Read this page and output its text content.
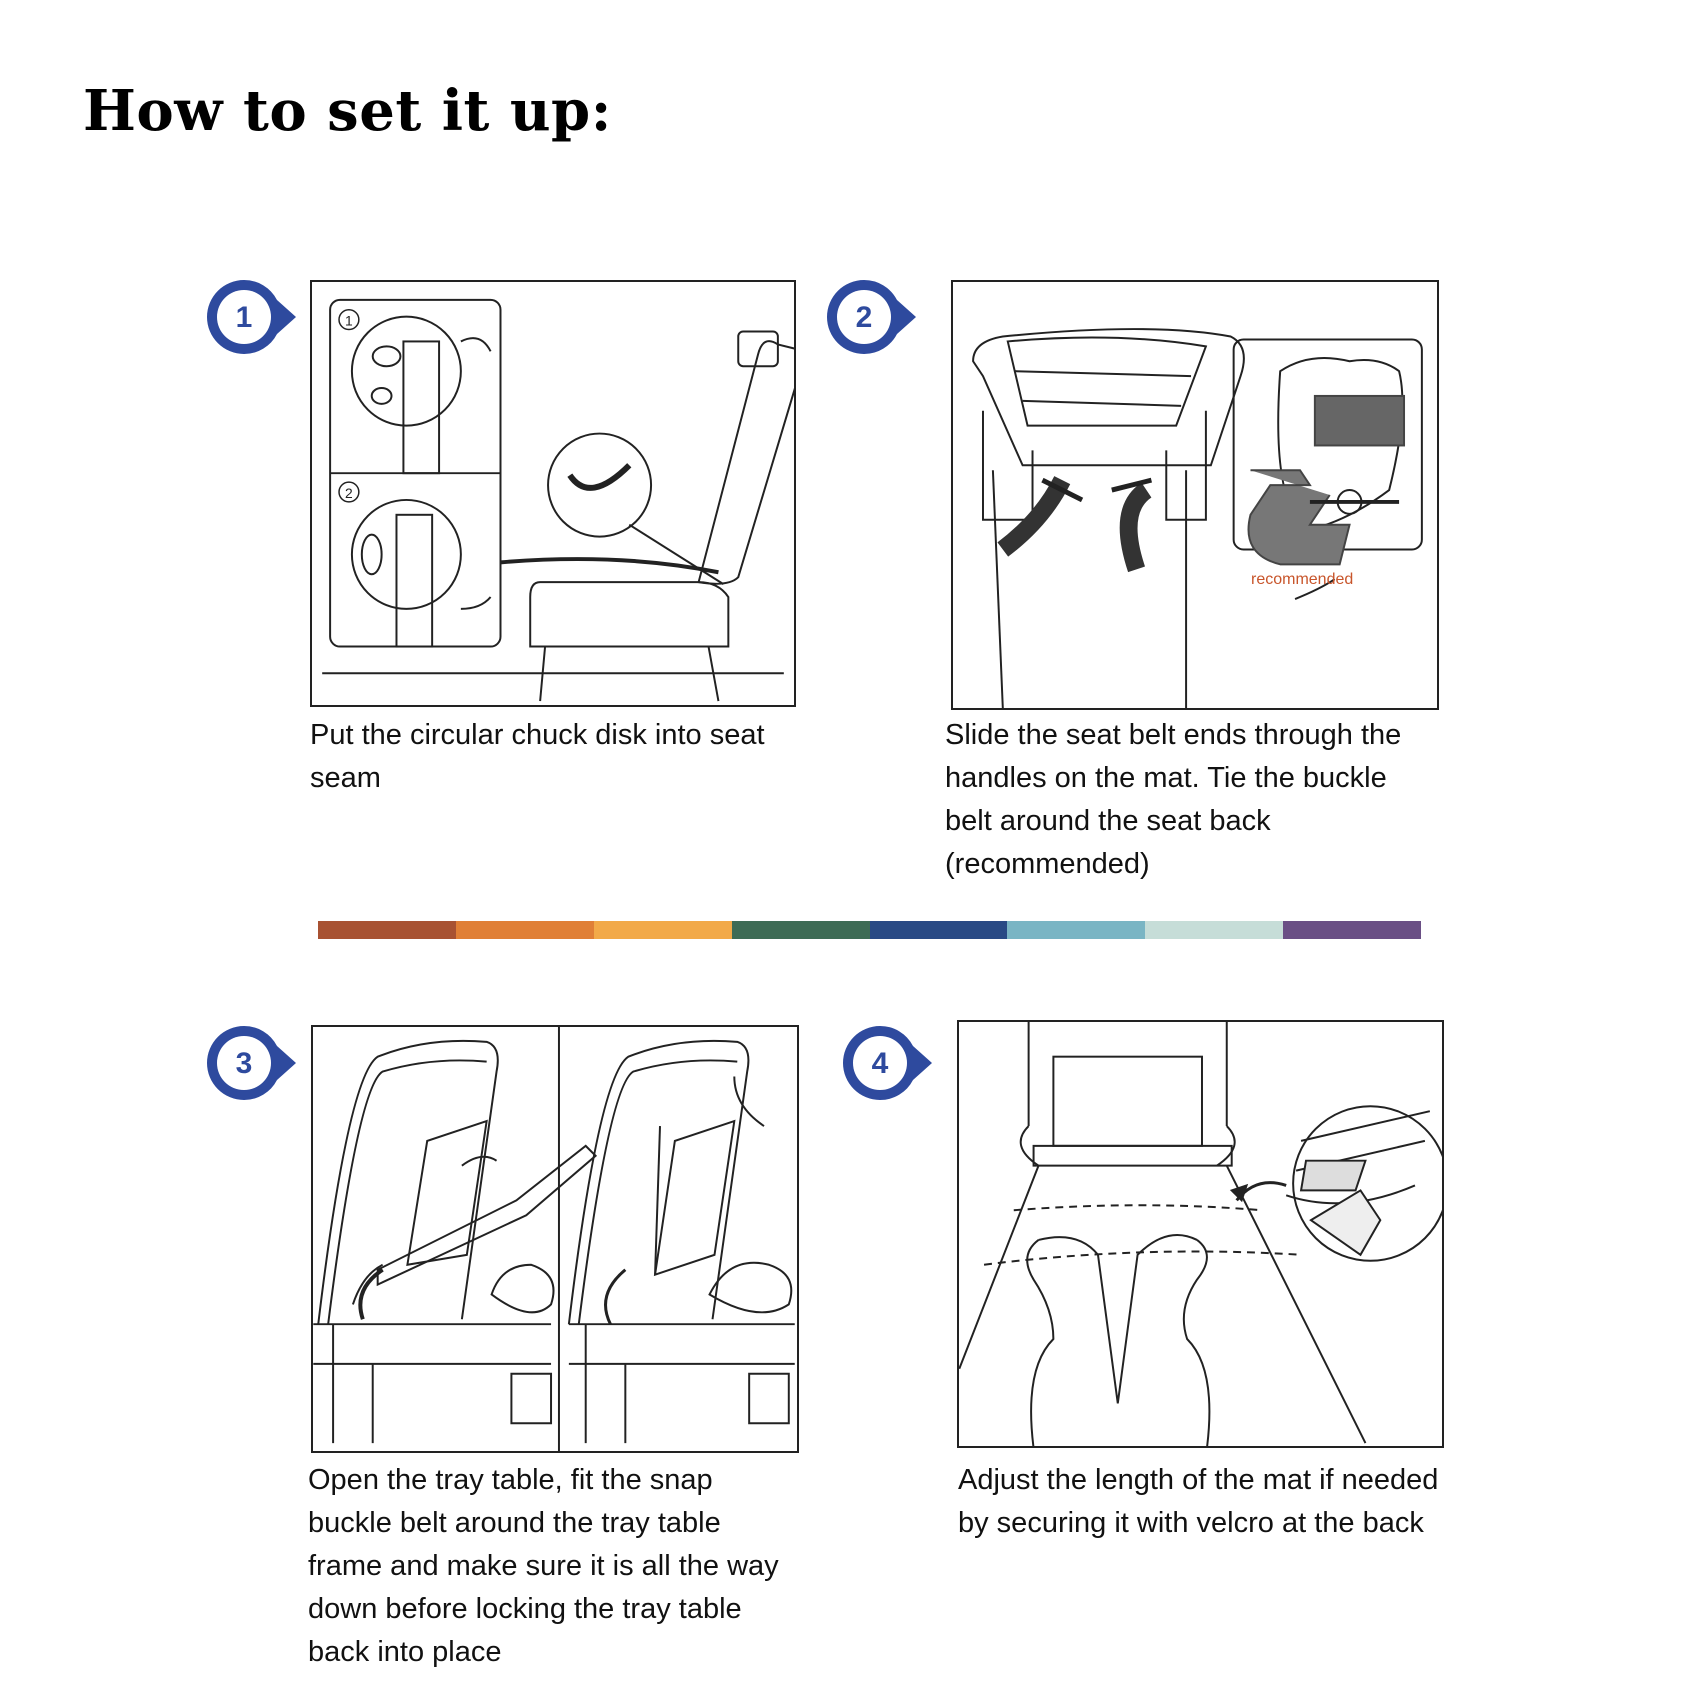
How to set it up:
1	1
2

Put the circular chuck disk into seat seam

2
recommended

Slide the seat belt ends through the handles on the mat. Tie the buckle belt around the seat back (recommended)

3

Open the tray table, fit the snap buckle belt around the tray table frame and make sure it is all the way down before locking the tray table back into place

4

Adjust the length of the mat if needed by securing it with velcro at the back
